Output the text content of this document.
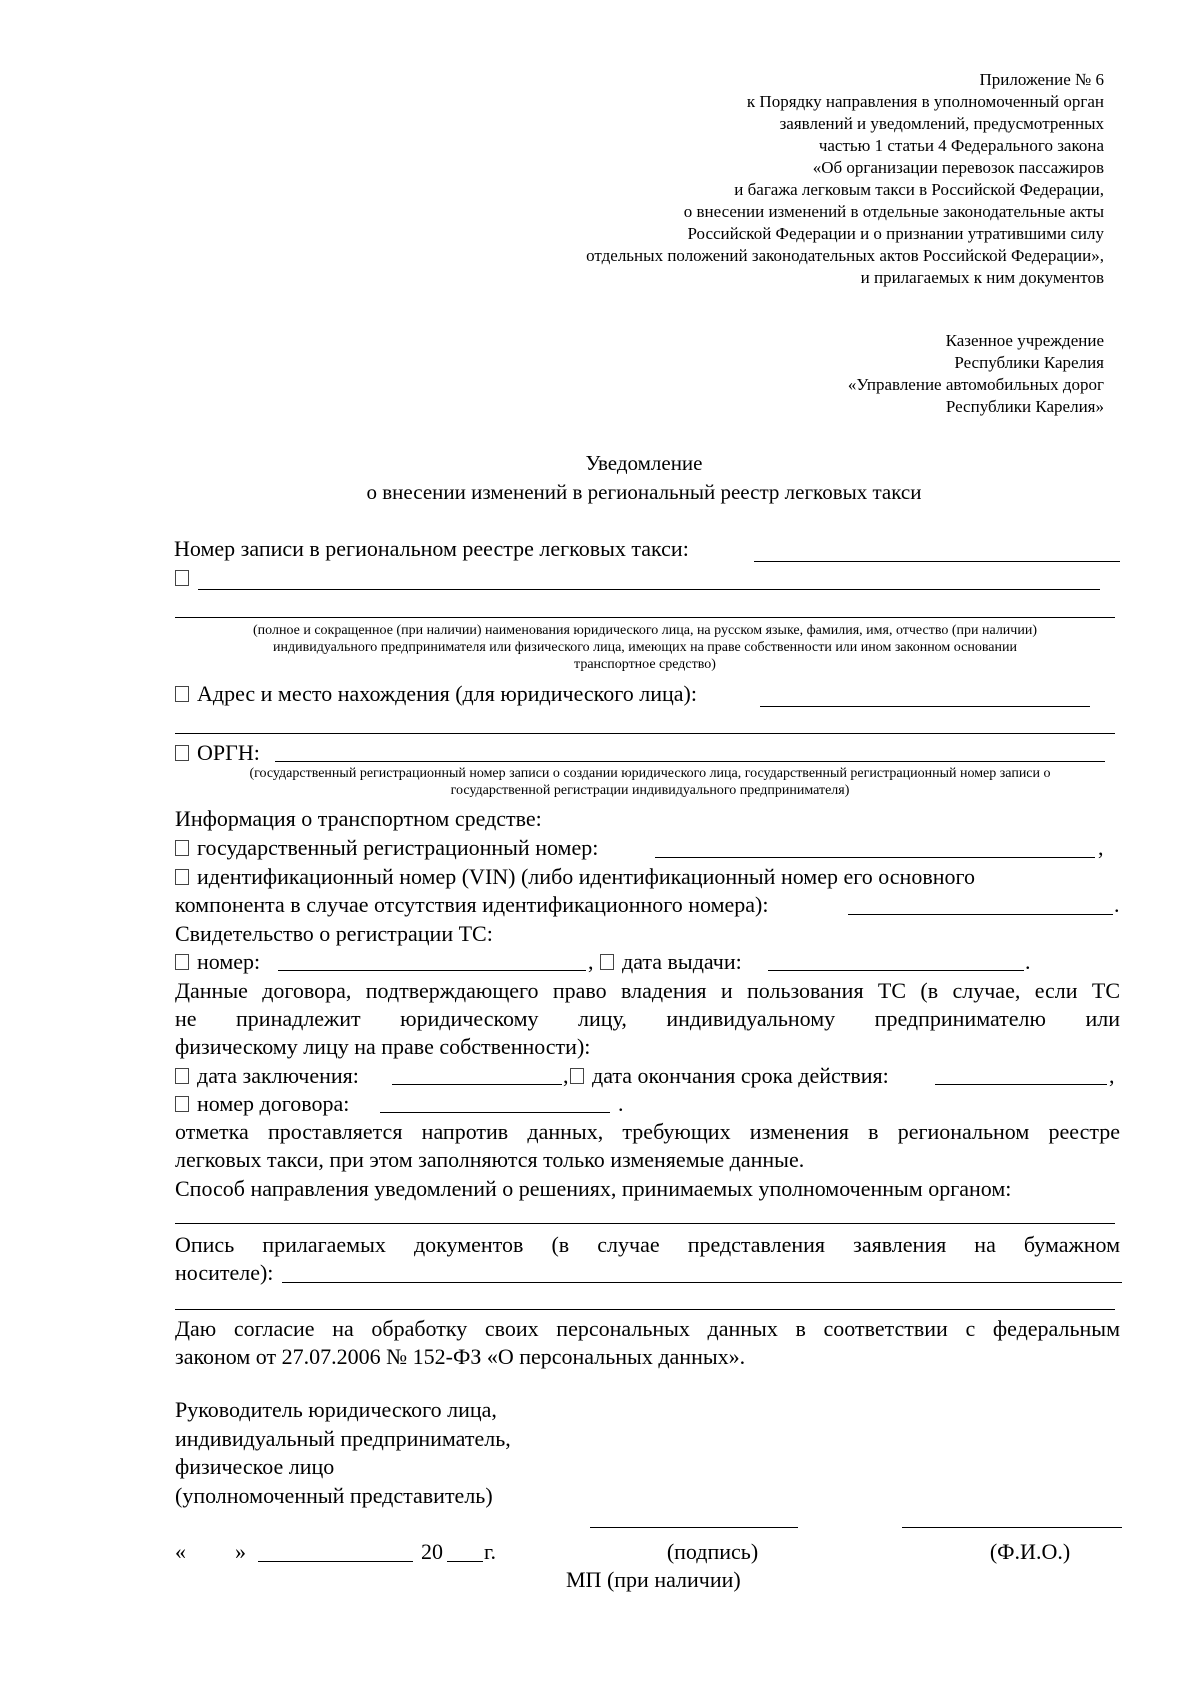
Приложение № 6
к Порядку направления в уполномоченный орган
заявлений и уведомлений, предусмотренных
частью 1 статьи 4 Федерального закона
«Об организации перевозок пассажиров
и багажа легковым такси в Российской Федерации,
о внесении изменений в отдельные законодательные акты
Российской Федерации и о признании утратившими силу
отдельных положений законодательных актов Российской Федерации»,
и прилагаемых к ним документов
Казенное учреждение
Республики Карелия
«Управление автомобильных дорог
Республики Карелия»
Уведомление
о внесении изменений в региональный реестр легковых такси
Номер записи в региональном реестре легковых такси:
(полное и сокращенное (при наличии) наименования юридического лица, на русском языке, фамилия, имя, отчество (при наличии)
индивидуального предпринимателя или физического лица, имеющих на праве собственности или ином законном основании
транспортное средство)
Адрес и место нахождения (для юридического лица):
ОРГН:
(государственный регистрационный номер записи о создании юридического лица, государственный регистрационный номер записи о
государственной регистрации индивидуального предпринимателя)
Информация о транспортном средстве:
государственный регистрационный номер:	,
идентификационный номер (VIN) (либо идентификационный номер его основного
компонента в случае отсутствия идентификационного номера):	.
Свидетельство о регистрации ТС:
номер:	,	дата выдачи:	.
Данные договора, подтверждающего право владения и пользования ТС (в случае, если ТС
не принадлежит юридическому лицу, индивидуальному предпринимателю или
физическому лицу на праве собственности):
дата заключения:	,	дата окончания срока действия:	,
номер договора:	.
отметка проставляется напротив данных, требующих изменения в региональном реестре
легковых такси, при этом заполняются только изменяемые данные.
Способ направления уведомлений о решениях, принимаемых уполномоченным органом:
Опись прилагаемых документов (в случае представления заявления на бумажном
носителе):
Даю согласие на обработку своих персональных данных в соответствии с федеральным
законом от 27.07.2006 № 152-ФЗ «О персональных данных».
Руководитель юридического лица,
индивидуальный предприниматель,
физическое лицо
(уполномоченный представитель)
« »	20 г.	(подпись)	(Ф.И.О.)
МП (при наличии)
